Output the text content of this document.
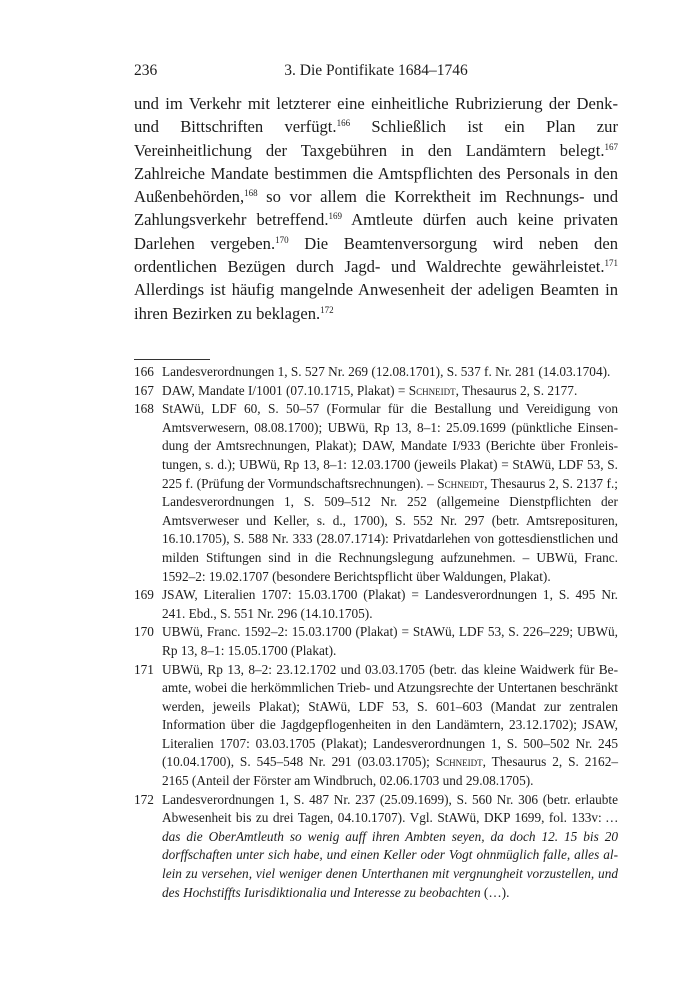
236	3. Die Pontifikate 1684–1746

und im Verkehr mit letzterer eine einheitliche Rubrizierung der Denk- und Bittschriften verfügt.$^{166}$ Schließlich ist ein Plan zur Vereinheitlichung der Taxgebühren in den Landämtern belegt.$^{167}$ Zahlreiche Mandate bestimmen die Amtspflichten des Personals in den Außenbehörden,$^{168}$ so vor allem die Korrektheit im Rechnungs- und Zahlungsverkehr betreffend.$^{169}$ Amtleute dürfen auch keine privaten Darlehen vergeben.$^{170}$ Die Beamtenversorgung wird neben den ordentlichen Bezügen durch Jagd- und Waldrechte gewährleistet.$^{171}$ Allerdings ist häufig mangelnde Anwesenheit der adeligen Beamten in ihren Bezirken zu beklagen.$^{172}$

166 Landesverordnungen 1, S. 527 Nr. 269 (12.08.1701), S. 537 f. Nr. 281 (14.03.1704).
167 DAW, Mandate I/1001 (07.10.1715, Plakat) = Schneidt, Thesaurus 2, S. 2177.
168 StAWü, LDF 60, S. 50–57 (Formular für die Bestallung und Vereidigung von Amtsverwesern, 08.08.1700); UBWü, Rp 13, 8–1: 25.09.1699 (pünktliche Einsendung der Amtsrechnungen, Plakat); DAW, Mandate I/933 (Berichte über Fronleistungen, s. d.); UBWü, Rp 13, 8–1: 12.03.1700 (jeweils Plakat) = StAWü, LDF 53, S. 225 f. (Prüfung der Vormundschaftsrechnungen). – Schneidt, Thesaurus 2, S. 2137 f.; Landesverordnungen 1, S. 509–512 Nr. 252 (allgemeine Dienstpflichten der Amtsverweser und Keller, s. d., 1700), S. 552 Nr. 297 (betr. Amtsreposituren, 16.10.1705), S. 588 Nr. 333 (28.07.1714): Privatdarlehen von gottesdienstlichen und milden Stiftungen sind in die Rechnungslegung aufzunehmen. – UBWü, Franc. 1592–2: 19.02.1707 (besondere Berichtspflicht über Waldungen, Plakat).
169 JSAW, Literalien 1707: 15.03.1700 (Plakat) = Landesverordnungen 1, S. 495 Nr. 241. Ebd., S. 551 Nr. 296 (14.10.1705).
170 UBWü, Franc. 1592–2: 15.03.1700 (Plakat) = StAWü, LDF 53, S. 226–229; UBWü, Rp 13, 8–1: 15.05.1700 (Plakat).
171 UBWü, Rp 13, 8–2: 23.12.1702 und 03.03.1705 (betr. das kleine Waidwerk für Beamte, wobei die herkömmlichen Trieb- und Atzungsrechte der Untertanen beschränkt werden, jeweils Plakat); StAWü, LDF 53, S. 601–603 (Mandat zur zentralen Information über die Jagdgepflogenheiten in den Landämtern, 23.12.1702); JSAW, Literalien 1707: 03.03.1705 (Plakat); Landesverordnungen 1, S. 500–502 Nr. 245 (10.04.1700), S. 545–548 Nr. 291 (03.03.1705); Schneidt, Thesaurus 2, S. 2162–2165 (Anteil der Förster am Windbruch, 02.06.1703 und 29.08.1705).
172 Landesverordnungen 1, S. 487 Nr. 237 (25.09.1699), S. 560 Nr. 306 (betr. erlaubte Abwesenheit bis zu drei Tagen, 04.10.1707). Vgl. StAWü, DKP 1699, fol. 133v: … das die OberAmtleuth so wenig auff ihren Ambten seyen, da doch 12. 15 bis 20 dorffschaften unter sich habe, und einen Keller oder Vogt ohnmüglich falle, alles allein zu versehen, viel weniger denen Unterthanen mit vergnungheit vorzustellen, und des Hochstiffts Iurisdiktionalia und Interesse zu beobachten (…).
